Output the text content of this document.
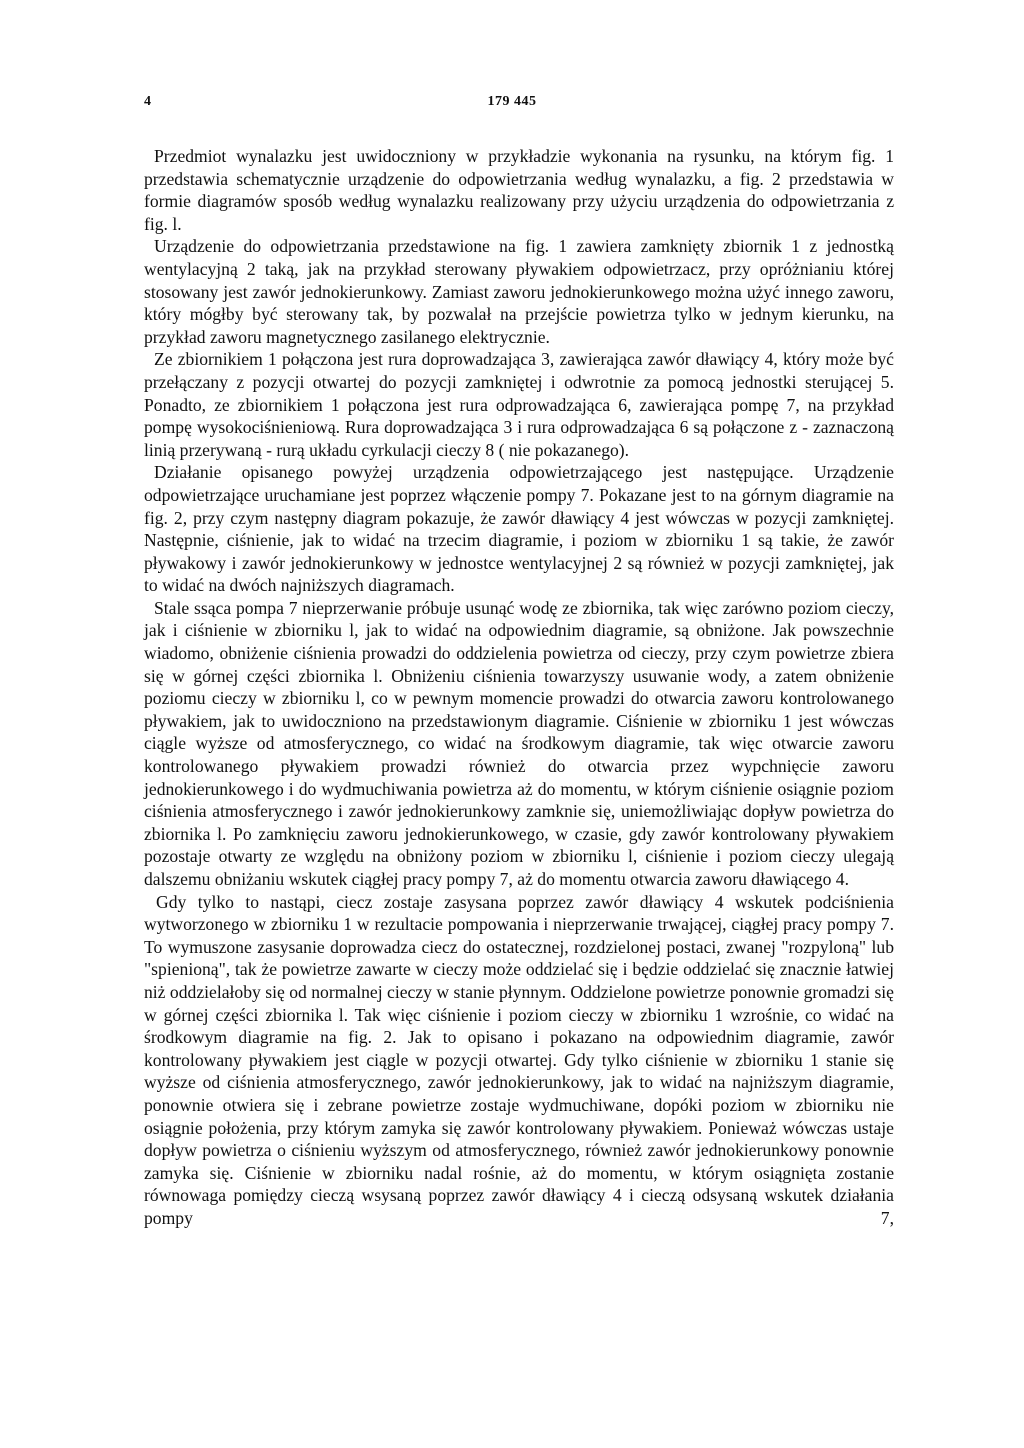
4	179 445

Przedmiot wynalazku jest uwidoczniony w przykładzie wykonania na rysunku, na którym fig. 1 przedstawia schematycznie urządzenie do odpowietrzania według wynalazku, a fig. 2 przedstawia w formie diagramów sposób według wynalazku realizowany przy użyciu urządzenia do odpowietrzania z fig. l.

Urządzenie do odpowietrzania przedstawione na fig. 1 zawiera zamknięty zbiornik 1 z jednostką wentylacyjną 2 taką, jak na przykład sterowany pływakiem odpowietrzacz, przy opróżnianiu której stosowany jest zawór jednokierunkowy. Zamiast zaworu jednokierunkowego można użyć innego zaworu, który mógłby być sterowany tak, by pozwalał na przejście powietrza tylko w jednym kierunku, na przykład zaworu magnetycznego zasilanego elektrycznie.

Ze zbiornikiem 1 połączona jest rura doprowadzająca 3, zawierająca zawór dławiący 4, który może być przełączany z pozycji otwartej do pozycji zamkniętej i odwrotnie za pomocą jednostki sterującej 5. Ponadto, ze zbiornikiem 1 połączona jest rura odprowadzająca 6, zawierająca pompę 7, na przykład pompę wysokociśnieniową. Rura doprowadzająca 3 i rura odprowadzająca 6 są połączone z - zaznaczoną linią przerywaną - rurą układu cyrkulacji cieczy 8 ( nie pokazanego).

Działanie opisanego powyżej urządzenia odpowietrzającego jest następujące. Urządzenie odpowietrzające uruchamiane jest poprzez włączenie pompy 7. Pokazane jest to na górnym diagramie na fig. 2, przy czym następny diagram pokazuje, że zawór dławiący 4 jest wówczas w pozycji zamkniętej. Następnie, ciśnienie, jak to widać na trzecim diagramie, i poziom w zbiorniku 1 są takie, że zawór pływakowy i zawór jednokierunkowy w jednostce wentylacyjnej 2 są również w pozycji zamkniętej, jak to widać na dwóch najniższych diagramach.

Stale ssąca pompa 7 nieprzerwanie próbuje usunąć wodę ze zbiornika, tak więc zarówno poziom cieczy, jak i ciśnienie w zbiorniku l, jak to widać na odpowiednim diagramie, są obniżone. Jak powszechnie wiadomo, obniżenie ciśnienia prowadzi do oddzielenia powietrza od cieczy, przy czym powietrze zbiera się w górnej części zbiornika l. Obniżeniu ciśnienia towarzyszy usuwanie wody, a zatem obniżenie poziomu cieczy w zbiorniku l, co w pewnym momencie prowadzi do otwarcia zaworu kontrolowanego pływakiem, jak to uwidoczniono na przedstawionym diagramie. Ciśnienie w zbiorniku 1 jest wówczas ciągle wyższe od atmosferycznego, co widać na środkowym diagramie, tak więc otwarcie zaworu kontrolowanego pływakiem prowadzi również do otwarcia przez wypchnięcie zaworu jednokierunkowego i do wydmuchiwania powietrza aż do momentu, w którym ciśnienie osiągnie poziom ciśnienia atmosferycznego i zawór jednokierunkowy zamknie się, uniemożliwiając dopływ powietrza do zbiornika l. Po zamknięciu zaworu jednokierunkowego, w czasie, gdy zawór kontrolowany pływakiem pozostaje otwarty ze względu na obniżony poziom w zbiorniku l, ciśnienie i poziom cieczy ulegają dalszemu obniżaniu wskutek ciągłej pracy pompy 7, aż do momentu otwarcia zaworu dławiącego 4.

Gdy tylko to nastąpi, ciecz zostaje zasysana poprzez zawór dławiący 4 wskutek podciśnienia wytworzonego w zbiorniku 1 w rezultacie pompowania i nieprzerwanie trwającej, ciągłej pracy pompy 7. To wymuszone zasysanie doprowadza ciecz do ostatecznej, rozdzielonej postaci, zwanej "rozpyloną" lub "spienioną", tak że powietrze zawarte w cieczy może oddzielać się i będzie oddzielać się znacznie łatwiej niż oddzielałoby się od normalnej cieczy w stanie płynnym. Oddzielone powietrze ponownie gromadzi się w górnej części zbiornika l. Tak więc ciśnienie i poziom cieczy w zbiorniku 1 wzrośnie, co widać na środkowym diagramie na fig. 2. Jak to opisano i pokazano na odpowiednim diagramie, zawór kontrolowany pływakiem jest ciągle w pozycji otwartej. Gdy tylko ciśnienie w zbiorniku 1 stanie się wyższe od ciśnienia atmosferycznego, zawór jednokierunkowy, jak to widać na najniższym diagramie, ponownie otwiera się i zebrane powietrze zostaje wydmuchiwane, dopóki poziom w zbiorniku nie osiągnie położenia, przy którym zamyka się zawór kontrolowany pływakiem. Ponieważ wówczas ustaje dopływ powietrza o ciśnieniu wyższym od atmosferycznego, również zawór jednokierunkowy ponownie zamyka się. Ciśnienie w zbiorniku nadal rośnie, aż do momentu, w którym osiągnięta zostanie równowaga pomiędzy cieczą wsysaną poprzez zawór dławiący 4 i cieczą odsysaną wskutek działania pompy 7,
